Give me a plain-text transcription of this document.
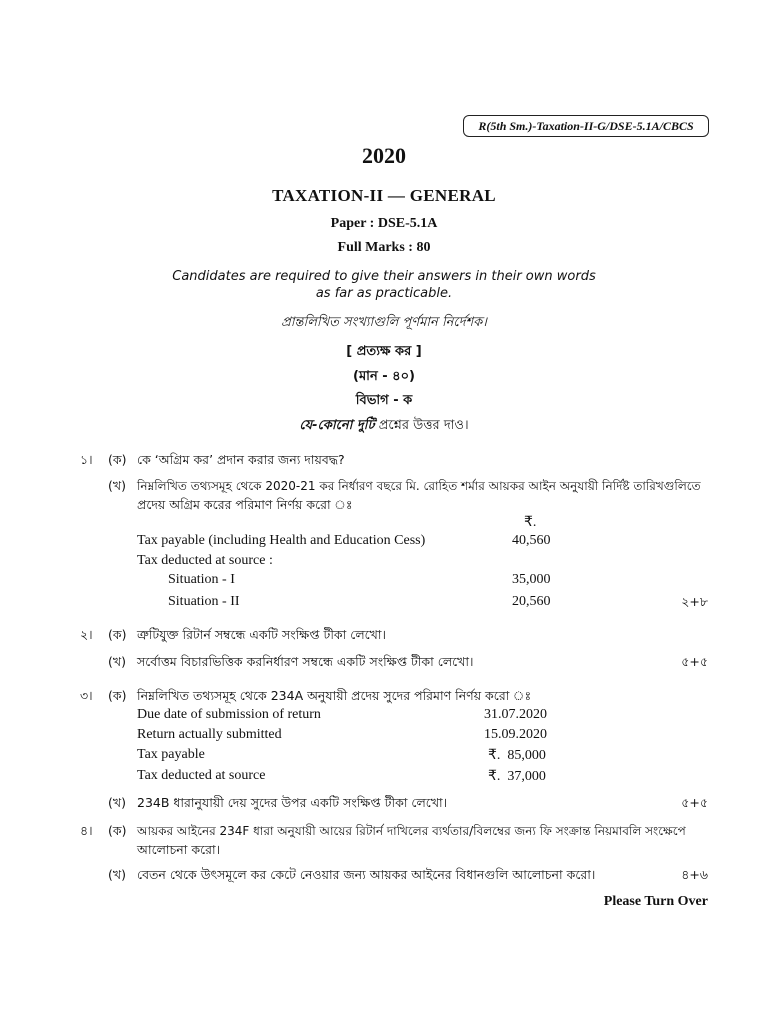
R(5th Sm.)-Taxation-II-G/DSE-5.1A/CBCS
2020
TAXATION-II — GENERAL
Paper : DSE-5.1A
Full Marks : 80
Candidates are required to give their answers in their own words
as far as practicable.
প্রান্তলিখিত সংখ্যাগুলি পূর্ণমান নির্দেশক।
[ প্রত্যক্ষ কর ]
(মান - ৪০)
বিভাগ - ক
যে-কোনো দুটি প্রশ্নের উত্তর দাও।
১। (ক) কে ‘অগ্রিম কর’ প্রদান করার জন্য দায়বদ্ধ?
(খ) নিম্নলিখিত তথ্যসমূহ থেকে 2020-21 কর নির্ধারণ বছরে মি. রোহিত শর্মার আয়কর আইন অনুযায়ী নির্দিষ্ট তারিখগুলিতে
প্রদেয় অগ্রিম করের পরিমাণ নির্ণয় করো ঃ
₹.
Tax payable (including Health and Education Cess)	40,560
Tax deducted at source :
Situation - I	35,000
Situation - II	20,560	২+৮
২। (ক) ত্রুটিযুক্ত রিটার্ন সম্বন্ধে একটি সংক্ষিপ্ত টীকা লেখো।
(খ) সর্বোত্তম বিচারভিত্তিক করনির্ধারণ সম্বন্ধে একটি সংক্ষিপ্ত টীকা লেখো।	৫+৫
৩। (ক) নিম্নলিখিত তথ্যসমূহ থেকে 234A অনুযায়ী প্রদেয় সুদের পরিমাণ নির্ণয় করো ঃ
Due date of submission of return	31.07.2020
Return actually submitted	15.09.2020
Tax payable	₹.  85,000
Tax deducted at source	₹.  37,000
(খ) 234B ধারানুযায়ী দেয় সুদের উপর একটি সংক্ষিপ্ত টীকা লেখো।	৫+৫
৪। (ক) আয়কর আইনের 234F ধারা অনুযায়ী আয়ের রিটার্ন দাখিলের ব্যর্থতার/বিলম্বের জন্য ফি সংক্রান্ত নিয়মাবলি সংক্ষেপে
আলোচনা করো।
(খ) বেতন থেকে উৎসমূলে কর কেটে নেওয়ার জন্য আয়কর আইনের বিধানগুলি আলোচনা করো।	৪+৬
Please Turn Over
